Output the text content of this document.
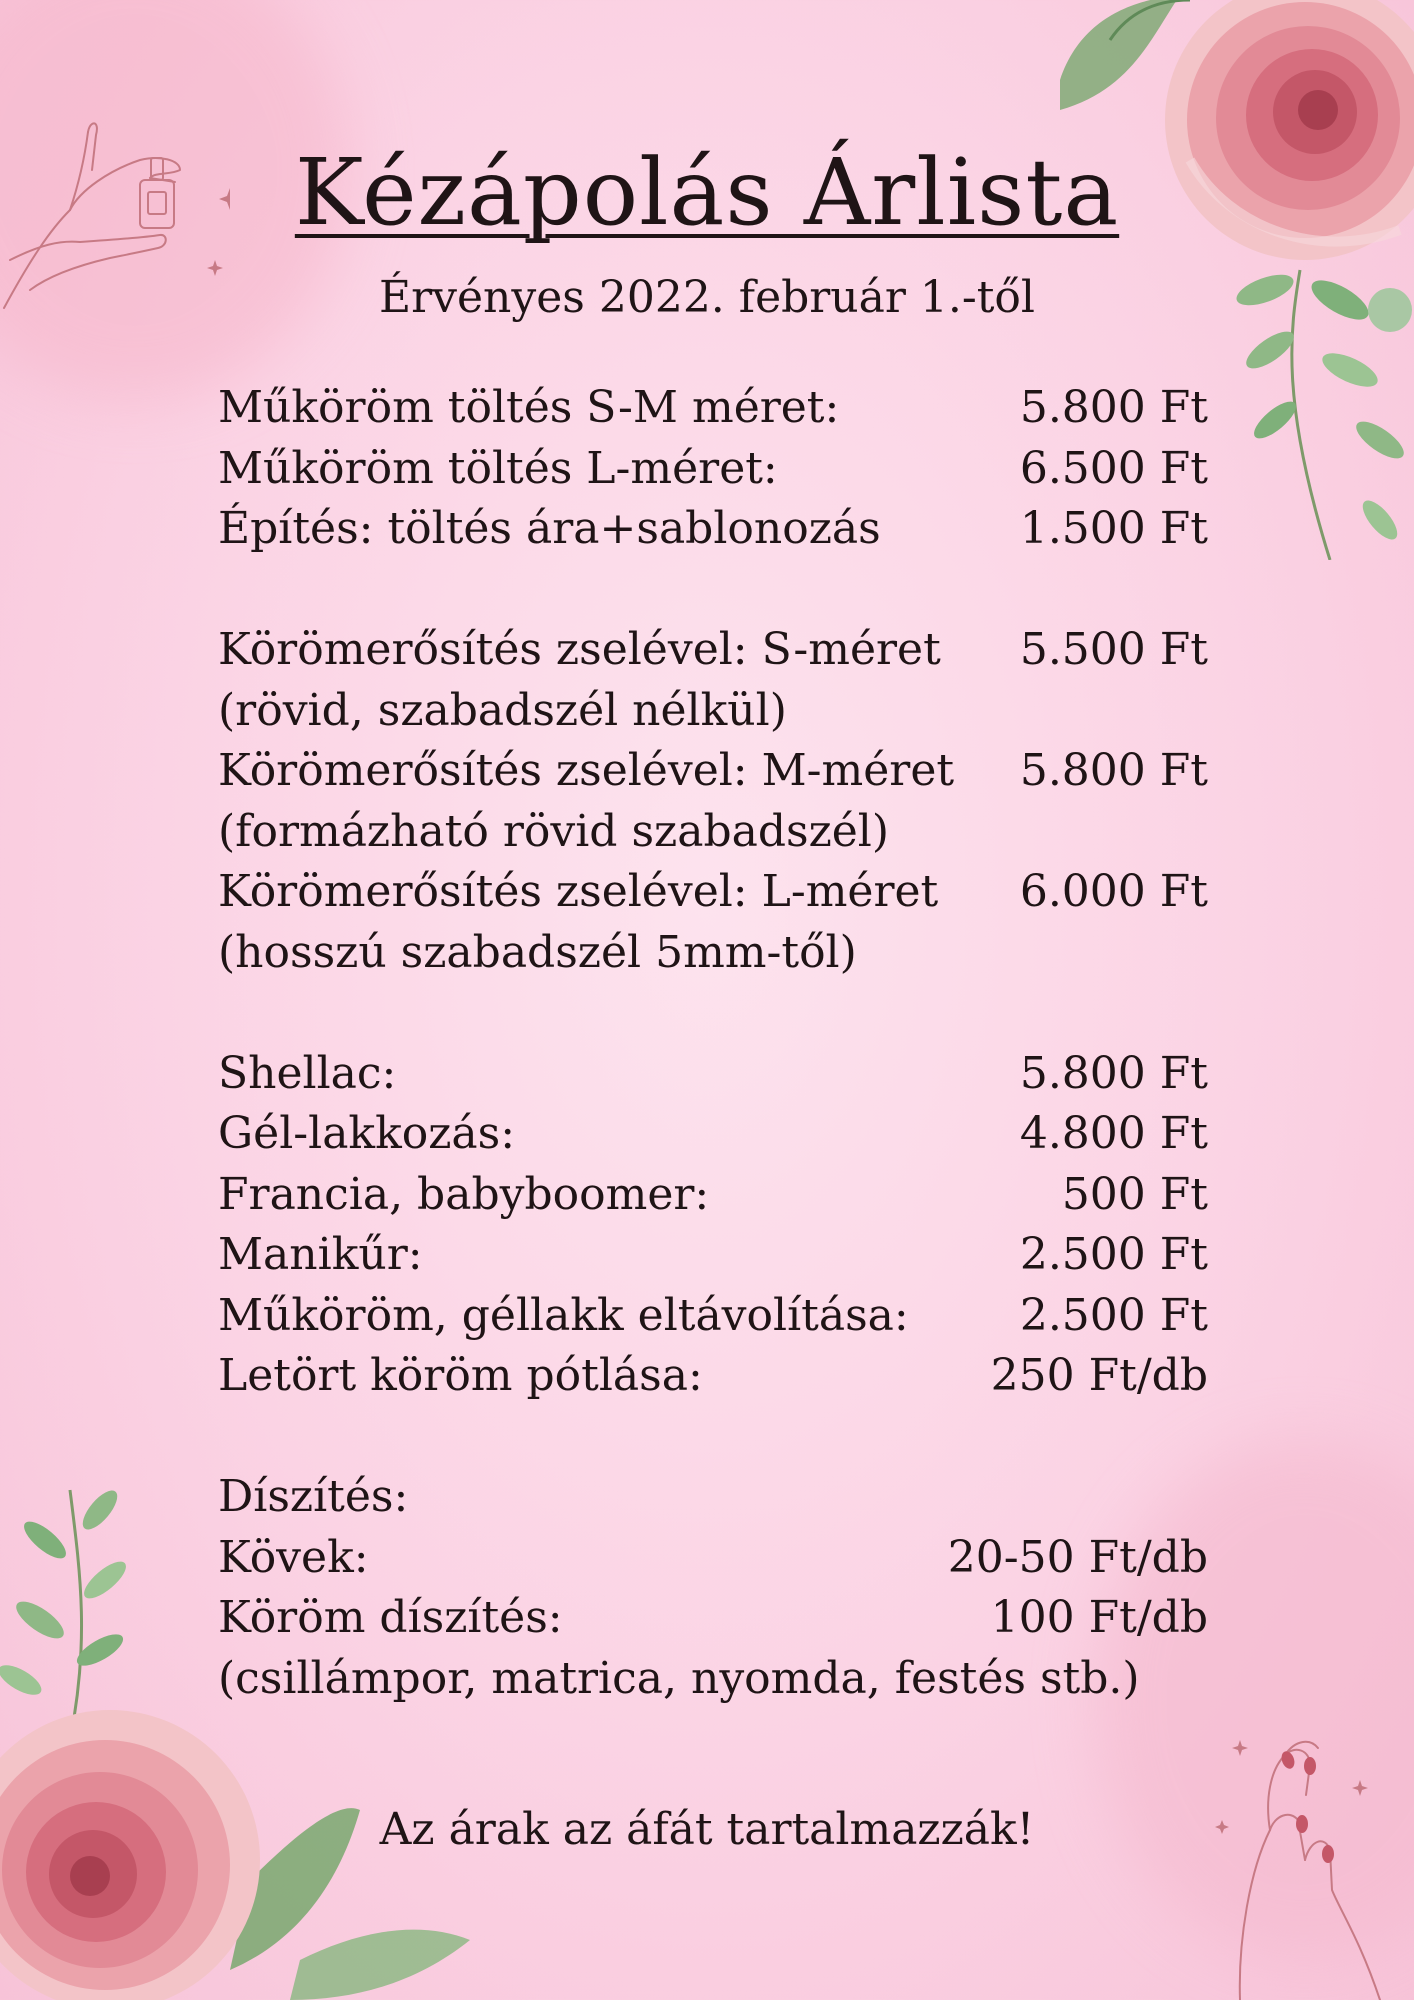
Kézápolás Árlista
Érvényes 2022. február 1.-től
Műköröm töltés S-M méret:	5.800 Ft
Műköröm töltés L-méret:	6.500 Ft
Építés: töltés ára+sablonozás	1.500 Ft
Körömerősítés zselével: S-méret 5.500 Ft
(rövid, szabadszél nélkül)
Körömerősítés zselével: M-méret 5.800 Ft
(formázható rövid szabadszél)
Körömerősítés zselével: L-méret 6.000 Ft
(hosszú szabadszél 5mm-től)
Shellac:	5.800 Ft
Gél-lakkozás:	4.800 Ft
Francia, babyboomer:	500 Ft
Manikűr:	2.500 Ft
Műköröm, géllakk eltávolítása:	2.500 Ft
Letört köröm pótlása:	250 Ft/db
Díszítés:
Kövek:	20-50 Ft/db
Köröm díszítés:	100 Ft/db
(csillámpor, matrica, nyomda, festés stb.)
Az árak az áfát tartalmazzák!
